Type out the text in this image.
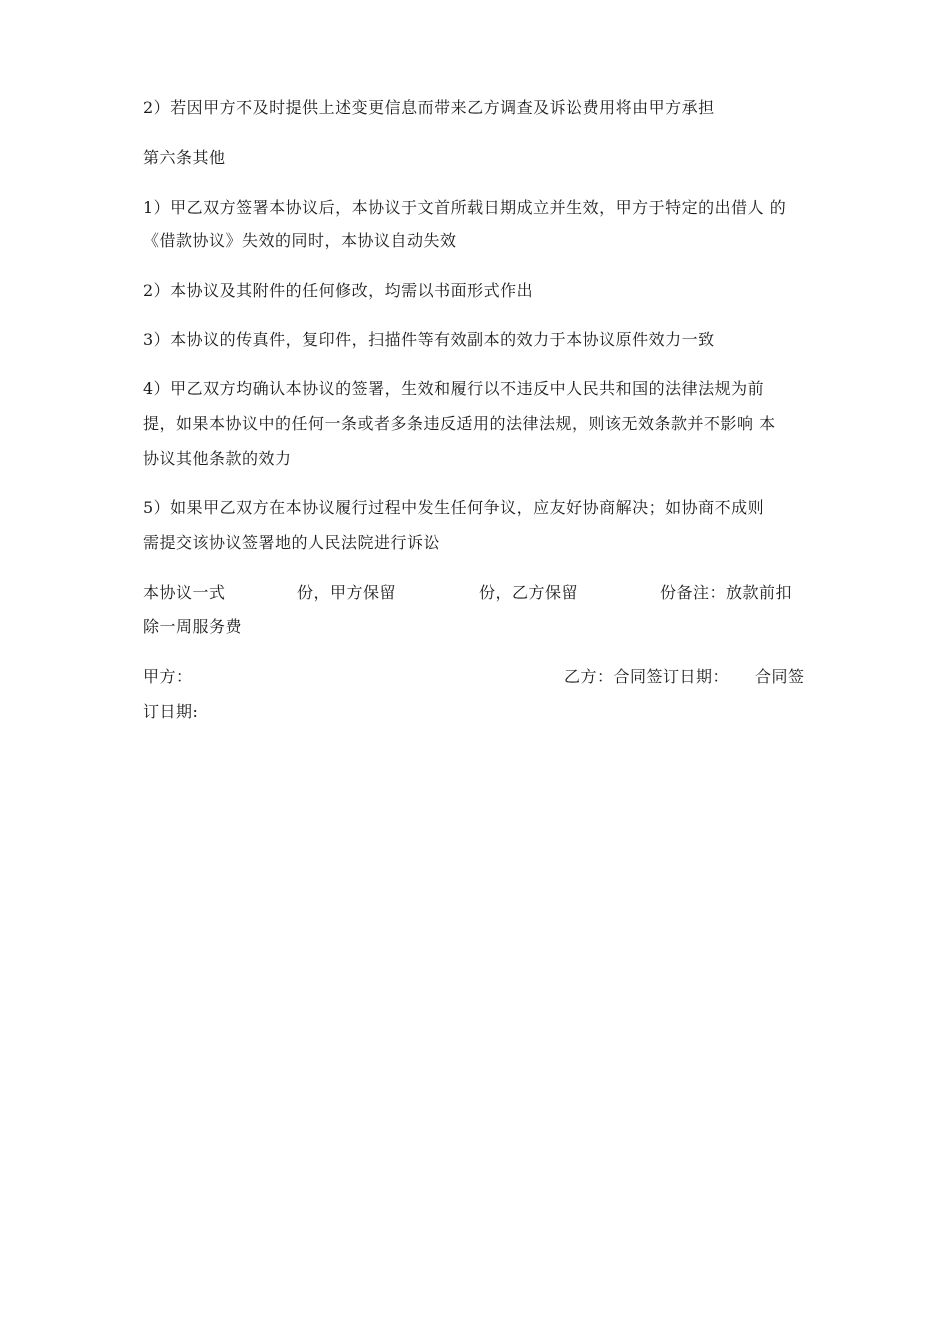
2）若因甲方不及时提供上述变更信息而带来乙方调查及诉讼费用将由甲方承担
第六条其他
1）甲乙双方签署本协议后，本协议于文首所载日期成立并生效，甲方于特定的出借人 的
《借款协议》失效的同时，本协议自动失效
2）本协议及其附件的任何修改，均需以书面形式作出
3）本协议的传真件，复印件，扫描件等有效副本的效力于本协议原件效力一致
4）甲乙双方均确认本协议的签署，生效和履行以不违反中人民共和国的法律法规为前
提，如果本协议中的任何一条或者多条违反适用的法律法规，则该无效条款并不影响 本
协议其他条款的效力
5）如果甲乙双方在本协议履行过程中发生任何争议，应友好协商解决；如协商不成则
需提交该协议签署地的人民法院进行诉讼
本协议一式	份，甲方保留	份，乙方保留	份备注：放款前扣
除一周服务费
甲方：	乙方：合同签订日期： 合同签
订日期:
